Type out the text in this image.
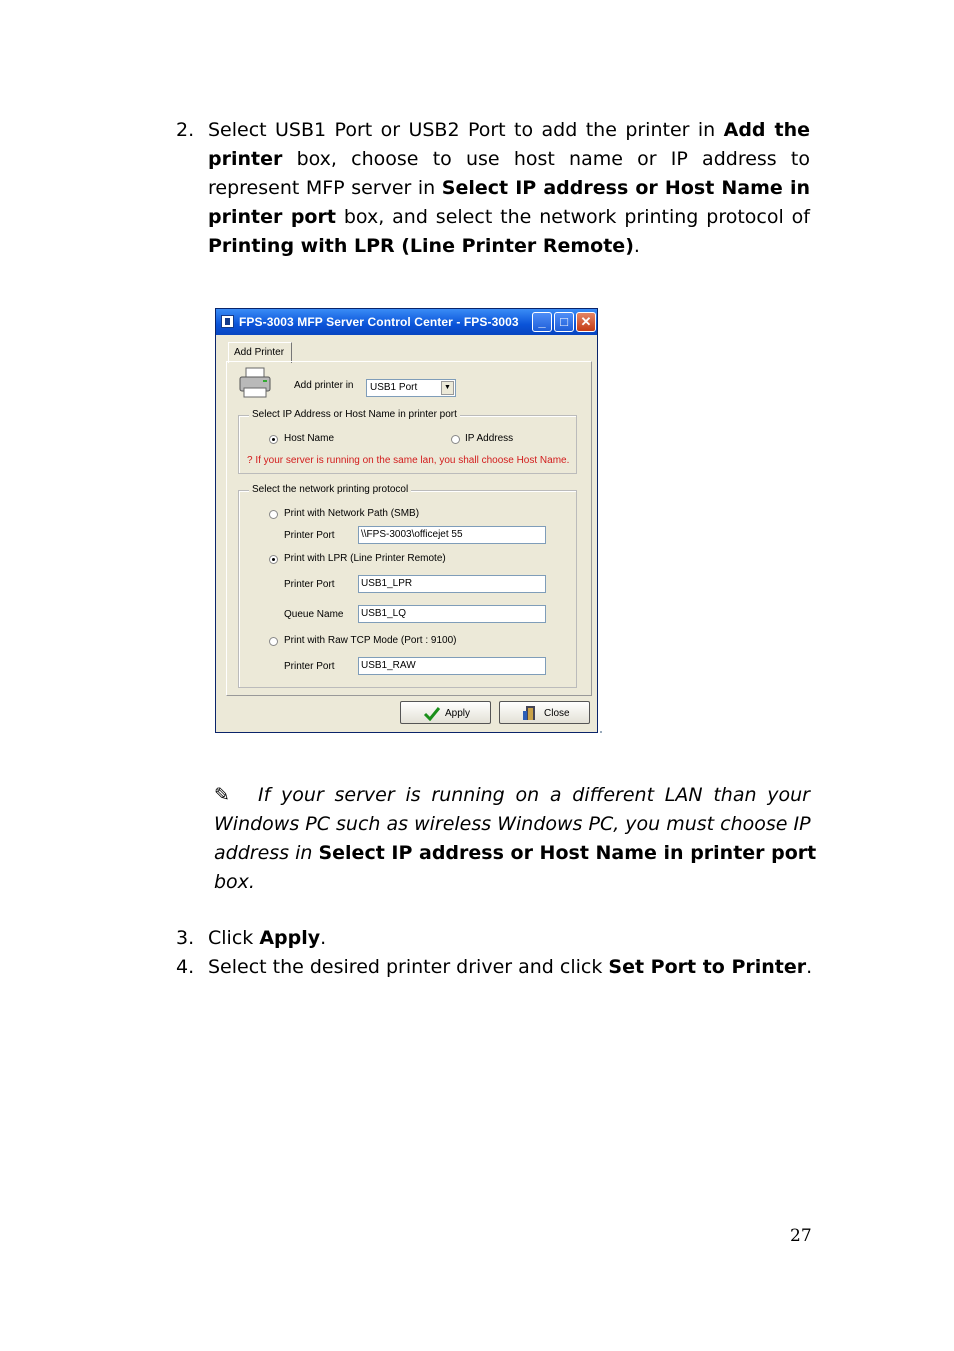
2. Select USB1 Port or USB2 Port to add the printer in Add the
printer box, choose to use host name or IP address to
represent MFP server in Select IP address or Host Name in
printer port box, and select the network printing protocol of
Printing with LPR (Line Printer Remote).
FPS-3003 MFP Server Control Center - FPS-3003	_	□ ✕
Add Printer
Add printer in USB1 Port	▼
Select IP Address or Host Name in printer port
Host Name	IP Address
? If your server is running on the same lan, you shall choose Host Name.
Select the network printing protocol
Print with Network Path (SMB)
Printer Port	\\FPS-3003\officejet 55
Print with LPR (Line Printer Remote)
Printer Port	USB1_LPR
Queue Name	USB1_LQ
Print with Raw TCP Mode (Port : 9100)
Printer Port	USB1_RAW
Apply	Close
✎ If your server is running on a different LAN than your
Windows PC such as wireless Windows PC, you must choose IP
address in Select IP address or Host Name in printer port
box.
3. Click Apply.
4. Select the desired printer driver and click Set Port to Printer.
27
